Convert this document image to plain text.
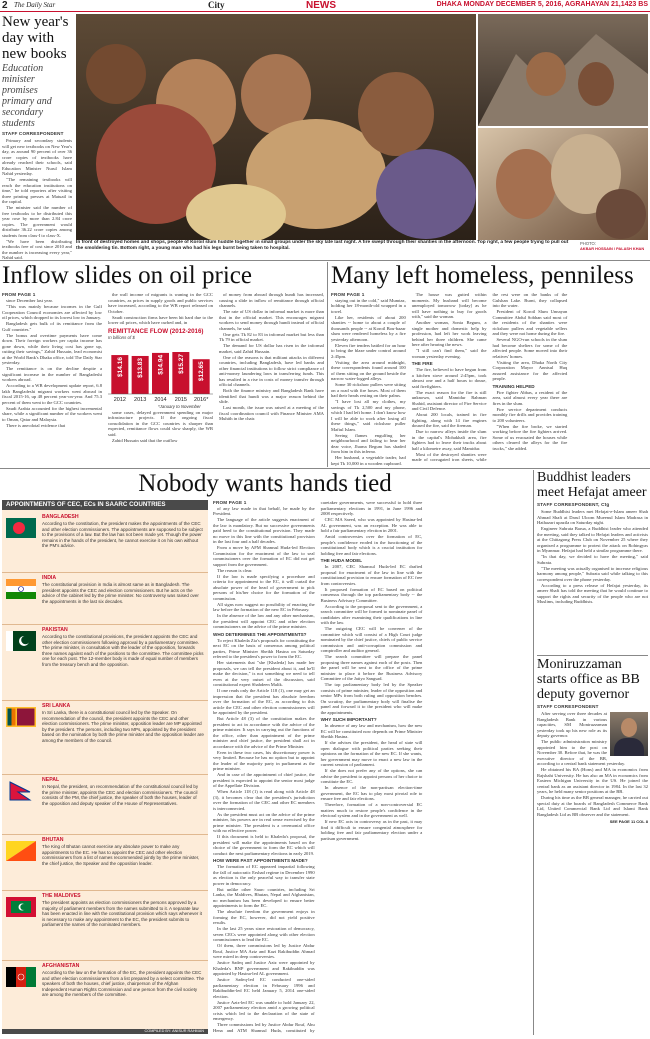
2 The Daily Star	City	NEWS	DHAKA MONDAY DECEMBER 5, 2016, AGRAHAYAN 21,1423 BS
New year's day with new books
Education minister promises primary and secondary students
STAFF CORRESPONDENT

Primary and secondary students will get new textbooks on New Year's day, as around 90 percent of over 36 crore copies of textbooks have already reached their schools, said Education Minister Nurul Islam Nahid yesterday.

"The remaining textbooks will reach the education institutions on time," he told reporters after visiting three printing presses at Matuail in the capital.

The minister said the number of free textbooks to be distributed this year rose by more than 2.84 crore copies. The government would distribute 36.22 crore copies among students from class-I to class-X.

"We have been distributing textbooks free of cost since 2010 and the number is increasing every year," Nahid said.

In front of destroyed homes and shops, people of Koroil slum huddle together in small groups under the sky late last night. A fire swept through their shanties in the afternoon. Top right, a few people trying to pull out the smoldering tin. Bottom right, a young man who had his legs burnt being taken to hospital.
PHOTO:
AKBAR HOSSAIN / PALASH KHAN
Inflow slides on oil price
FROM PAGE 1

since December last year.

"This was mainly because incomes in the Gulf Cooperation Council economies are affected by low oil prices, which dropped to its lowest low in January.

Bangladesh gets bulk of its remittance from the Gulf countries."

The bonus and overtime payments have come down. Their foreign workers per capita income has gone down, while their living cost has gone up, cutting their savings," Zahid Hussain, lead economist at the World Bank's Dhaka office, told The Daily Star yesterday.

The remittance is on the decline despite a significant increase in the number of Bangladeshi workers abroad.

According to a WB development update report, 6.8 lakh Bangladeshi migrant workers went abroad in fiscal 2015-16, up 48 percent year-on-year. And 75.3 percent of them went to the GCC countries.

Saudi Arabia accounted for the highest incremental share, while a significant number of the workers went to Oman, Qatar and Malaysia.

There is anecdotal evidence that

the wall income of migrants is waning in the GCC countries, as prices in supply goods and public services have increased, according to the WB report released on October.

Saudi construction firms have been hit hard due to the lower oil prices, which have curbed and, in

REMITTANCE FLOW (2012-2016)
In billions of $
$14.16
2012
$13.83
2013
$14.94
2014
$15.27
2015
$12.65
2016*
*January to November

some cases, delayed government spending on major infrastructure projects. If the ongoing fiscal consolidation in the GCC countries is sharper than expected, remittance flows could slow sharply, the WB said.

Zahid Hussain said that the outflow

of money from abroad through hundi has increased, causing a slide in inflow of remittance through official channels.

The rate of US dollar in informal market is more than that in the official market. This encourages migrant workers to send money through hundi instead of official channels, he said.

One gets Tk 82 to 83 in informal market but less than Tk 79 in official market.

The demand for US dollar has risen in the informal market, said Zahid Hussain.

One of the reasons is that militant attacks in different countries, including Bangladesh, have led banks and other financial institutions to follow strict compliance of anti-money laundering laws in transferring funds. This has resulted in a rise in costs of money transfer through official channels.

Both the finance ministry and Bangladesh Bank have identified that hundi was a major reason behind the slide.

Last month, the issue was raised at a meeting of the fiscal coordination council with Finance Minister AMA Muhith in the chair.

Many left homeless, penniless
FROM PAGE 1

staying out in the cold," said Mumtaz, holding her 18-month-old wrapped in a towel.

Like her, residents of about 200 shanties -- home to about a couple of thousands people -- at Koroil Bou-bazar slum were rendered homeless by a fire yesterday afternoon.

Eleven fire tenders battled for an hour to bring the blaze under control around 2:45pm.

Visiting the area around midnight, these correspondents found around 100 of them sitting on the ground beside the narrow water-logged alleys.

Some 30 rickshaw pullers were sitting on a road with fire hoses. Most of them had their heads resting on their palms.

"I have lost all my clothes, my savings of Tk 2,500 and my phone, which I had left home. I don't know how I will be able to work after losing all these things," said rickshaw puller Maftul Islam.

Seeing flames engulfing her neighbourhood and failing to hear her dear voice, Jharna Begum has shaded from him in this inferno.

Her husband, a vegetable trader, had kept Tk 10,000 in a wooden cupboard.

The house was gutted within moments. My husband will become unemployed tomorrow [today] as he will have nothing to buy for goods with," said the woman.

Another woman, Sonia Begum, a single mother and domestic help by profession, had left her work leaving behind her three children. She came here after hearing the news.

"I still can't find them," said the woman yesterday evening.

THE FIRE

The fire, believed to have begun from a kitchen stove around 2:45pm, took almost one and a half hours to douse, said firefighters.

The exact reason for the fire is still unknown, said Mamidur Rahman Shahid, assistant director of Fire Service and Civil Defence.

About 200 locals, trained in fire fighting, along with 14 fire engines doused the fire, said the fireman.

Due to narrow alleys inside the slum in the capital's Mohakhali area, fire fighters had to leave their trucks about half a kilometre away, said Mamidur.

Most of the destroyed shanties were made of corrugated iron sheets, while the rest were on the banks of the Gulshan Lake. Burnt, they collapsed into the water.

President of Koroil Slum Unnayan Committee Abdul Sobhan said most of the residents of the shanties were rickshaw pullers and vegetable sellers and they were not home during the fire.

Several NGO-run schools in the slum had become shelters for some of the affected people. Some moved into their relatives' homes.

Visiting the area, Dhaka North City Corporation Mayor Annisul Huq assured assistance for the affected people.

TRAINING HELPED

Fire fighter Abbas, a resident of the area, said almost every year there are fires in the slum.

Fire service department conducts monthly fire drills and provides training to 200 volunteers.

"When the fire broke, we started working before the fire fighters arrived. Some of us evacuated the houses while others cleared the alleys for the fire trucks," she added.

Nobody wants hands tied
APPOINTMENTS OF CEC, ECs IN SAARC COUNTRIES
BANGLADESH
According to the constitution, the president makes the appointments of the CEC and other election commissioners. The appointments are supposed to be subject to the provisions of a law. But the law has not been made yet. Though the power remains in the hands of the president, he cannot exercise it on his own without the PM's advice.
INDIA
The constitutional provision in India is almost same as in Bangladesh. The president appoints the CEC and election commissioners. But he acts on the advice of the cabinet led by the prime minister. No controversy was raised over the appointments in the last six decades.
PAKISTAN
According to the constitutional provisions, the president appoints the CEC and other election commissioners following approval by a parliamentary committee. The prime minister, in consultation with the leader of the opposition, forwards three names against each of the positions to the committee. The committee picks one for each post. The 12-member body is made of equal number of members from the treasury bench and the opposition.
SRI LANKA
In Sri Lanka, there is a constitutional council led by the Speaker. On recommendation of the council, the president appoints the CEC and other election commissioners. The prime minister, opposition leader are MP appointed by the president. The persons, including two MPs, appointed by the president based on the nomination by both the prime minister and the opposition leader are among the members of the council.
NEPAL
In Nepal, the president, on recommendation of the constitutional council led by the prime minister, appoints the CEC and election commissioners. The council consists of the PM, the chief justice, the speaker of both the houses, leader of the opposition and deputy speaker of the House of Representatives.
BHUTAN
The King of Bhutan cannot exercise any absolute power to make any appointments to the EC. He has to appoint the CEC and other election commissioners from a list of names recommended jointly by the prime minister, the chief justice, the Speaker and the opposition leader.
THE MALDIVES
The president appoints as election commissioners the persons approved by a majority of parliament members from the names submitted to it. A separate law has been enacted in line with the constitutional provision which says whenever it is necessary to make any appointment to the EC, the president submits to parliament the names of the nominated members.
AFGHANISTAN
According to the law on the formation of the EC, the president appoints the CEC and other election commissioners from a list prepared by a select committee. The speakers of both the houses, chief justice, chairperson of the Afghan Independent Human Rights Commission and one person from the civil society are among the members of the committee.
COMPILED BY: ANISUR RAHMAN
FROM PAGE 1

of any law made in that behalf, he made by the President.

The language of the article suggests enactment of the law is mandatory. But no successive governments paid heed to the constitutional provision. They made no move in this line with the constitutional provision in the last four and a half decades.

From a move by AFM Shamsul Huda-led Election Commission for the enactment of the law to seal commissioners over the formation of EC did not get support from the government.

The reason is clear.

If the law is made specifying a procedure and criteria for appointment to the EC, it will curtail the absolute power of the head of government to pick persons of his/her choice for the formation of the commission.

All signs now suggest no possibility of enacting the law before the formation of the new EC in February.

In the absence of the law and any other mechanism, the president will appoint CEC and other election commissioners on the advice of the prime minister.

WHO DETERMINES THE APPOINTMENTS?

To reject Khaleda Zia's proposals for constituting the next EC on the basis of consensus among political parties, Prime Minister Sheikh Hasina on Saturday referred to the president's power to form the EC.

Her statements that "she [Khaleda] has made her proposals, we can tell the president about it, and he'll make the decision," is not something we need to tell even at the very outset of the discussion, said constitutional expert Shahdeen Malik.

If one reads only the Article 118 (1), one may get an impression that the president has absolute freedom over the formation of the EC, as according to this article the CEC and other election commissioners will be appointed by the president.

But Article 48 (3) of the constitution makes the president to act in accordance with the advice of the prime minister. It says in carrying out the functions of the office, other than appointment of the prime minister and chief justice, the president shall act in accordance with the advice of the Prime Minister.

Even in these two cases, his discretionary power is very limited. Because he has no option but to appoint the leader of the majority party in parliament as the prime minister.

And in case of the appointment of chief justice, the president is expected to appoint the senior most judge of the Appellate Division.

When Article 118 (1) is read along with Article 48 (3), it becomes clear that the president's jurisdiction over the formation of the CEC and other EC members is interconnected.

As the president must act on the advice of the prime minister, his powers are in real sense exercised by the prime minister. The president is a ceremonial office with no effective power.

If this document is held to Khaleda's proposal, the president will make the appointments based on the choice of the government to form the EC which will conduct the next parliamentary elections in early 2019.

HOW WERE PAST APPOINTMENTS MADE?

The formation of EC appeared impartial following the fall of autocratic Ershad regime in December 1990 as election is the only peaceful way to transfer state power in democracy.

But unlike other Saarc countries, including Sri Lanka, the Maldives, Bhutan, Nepal and Afghanistan, no mechanism has been developed to ensure better appointments to form the EC.

The absolute freedom the government enjoys in forming the EC, however, did not yield positive results.

In the last 25 years since restoration of democracy, seven CECs were appointed along with other election commissioners to lead the EC.

Of them, three commissions led by Justice Abdur Rouf, Justice MA Aziz and Kazi Rakibuddin Ahmad were mired in deep controversies.

Justice Sadeq and Justice Aziz were appointed by Khaleda's BNP government and Rakibuddin was appointed by Hasina-led AL government.

Justice Sadeq-led EC conducted one-sided parliamentary election in February 1996 and Rakibuddin-led EC held January 5, 2014 one-sided election.

Justice Aziz-led EC was unable to hold January 22, 2007 parliamentary election amid a growing political crisis which led to the declaration of the state of emergency.

Three commissions led by Justice Abdur Rouf, Abu Hena and ATM Shamsul Huda, constituted by caretaker governments, were successful to hold three parliamentary elections in 1991, in June 1996 and 2008 respectively.

CEC MA Saeed, who was appointed by Hasina-led AL government, was an exception. He was able to hold a fair parliamentary election in 2001.

Amid controversies over the formation of EC, people's confidence eroded in the functioning of the constitutional body which is a crucial institution for holding free and fair elections.

THE HUDA MODEL

In 2007, CEC Shamsul Huda-led EC drafted proposal for enactment of the law in line with the constitutional provision to ensure formation of EC free from controversies.

It proposed formation of EC based on political consensus through the top parliamentary body -- the Business Advisory Committee.

According to the proposal sent to the government, a search committee will be formed to nominate panel of candidates after examining their qualifications in line with the law.

The outgoing CEC will be convener of the committee which will consist of a High Court judge nominated by the chief justice, chiefs of public service commission and anti-corruption commission and comptroller and auditor general.

The search committee will prepare the panel proposing three names against each of the posts. Then the panel will be sent to the office of the prime minister to place it before the Business Advisory Committee of the Jatiyo Sangsad.

The top parliamentary body led by the Speaker consists of prime minister, leader of the opposition and senior MPs from both ruling and opposition benches. On scrutiny, the parliamentary body will finalise the panel and forward it to the president who will make the appointments.

WHY SUCH IMPORTANT?

In absence of any law and mechanism, how the new EC will be constituted now depends on Prime Minister Sheikh Hasina.

If she advises the president, the head of state will open dialogue with political parties seeking their opinions on the formation of the new EC. If she wants, her government may move to enact a new law in the current session of parliament.

If she does not prefer any of the options, she can advise the president to appoint persons of her choice to constitute the EC.

In absence of the non-partisan election-time government, the EC has to play most pivotal role to ensure free and fair elections.

Therefore, formation of a non-controversial EC matters much to restore people's confidence in the electoral system and in the government as well.

If new EC acts in controversy as in the past, it may find it difficult to ensure congenial atmosphere for holding free and fair parliamentary election under a partisan government.

Buddhist leaders meet Hefajat ameer
STAFF CORRESPONDENT, Ctg

Some Buddhist leaders met Hefajat-e-Islam ameer Shah Ahmad Shafi at Darul Uloom Mueenul Islam Madrasa in Hathazari upazila on Saturday night.

Engineer Subrata Barua, a Buddhist leader who attended the meeting, said they talked to Hefajat leaders and activists at the Chittagong Press Club on November 25 where they organised a programme to protest the attack on Rohingyas in Myanmar. Hefajat had held a similar programme there.

"In that day, we decided to have the meeting," said Subrata.

"The meeting was actually organised to increase religious harmony among people," Subrata said while talking to this correspondent over the phone yesterday.

According to a press release of Hefajat yesterday, its ameer Shafi has told the meeting that he would continue to support the rights and security of the people who are not Muslims, including Buddhists.

Moniruzzaman starts office as BB deputy governor
STAFF CORRESPONDENT

After serving over three decades at Bangladesh Bank in various capacities, SM Moniruzzaman yesterday took up his new role as its deputy governor.

The public administration ministry appointed him to the post on November 30. Before that, he was the executive director of the BB, according to a central bank statement yesterday.

He obtained his BA (Hons) and MA in economics from Rajshahi University. He has also an MA in economics from Eastern Michigan University in the US. He joined the central bank as an assistant director in 1984. In the last 32 years, he held many senior positions at the BB.

During his time as the BB general manager, he carried out special duty at the boards of Bangladesh Commerce Bank Ltd, United Commercial Bank Ltd and Islami Bank Bangladesh Ltd as BB observer and the statement.

SEE PAGE 11 COL 8
